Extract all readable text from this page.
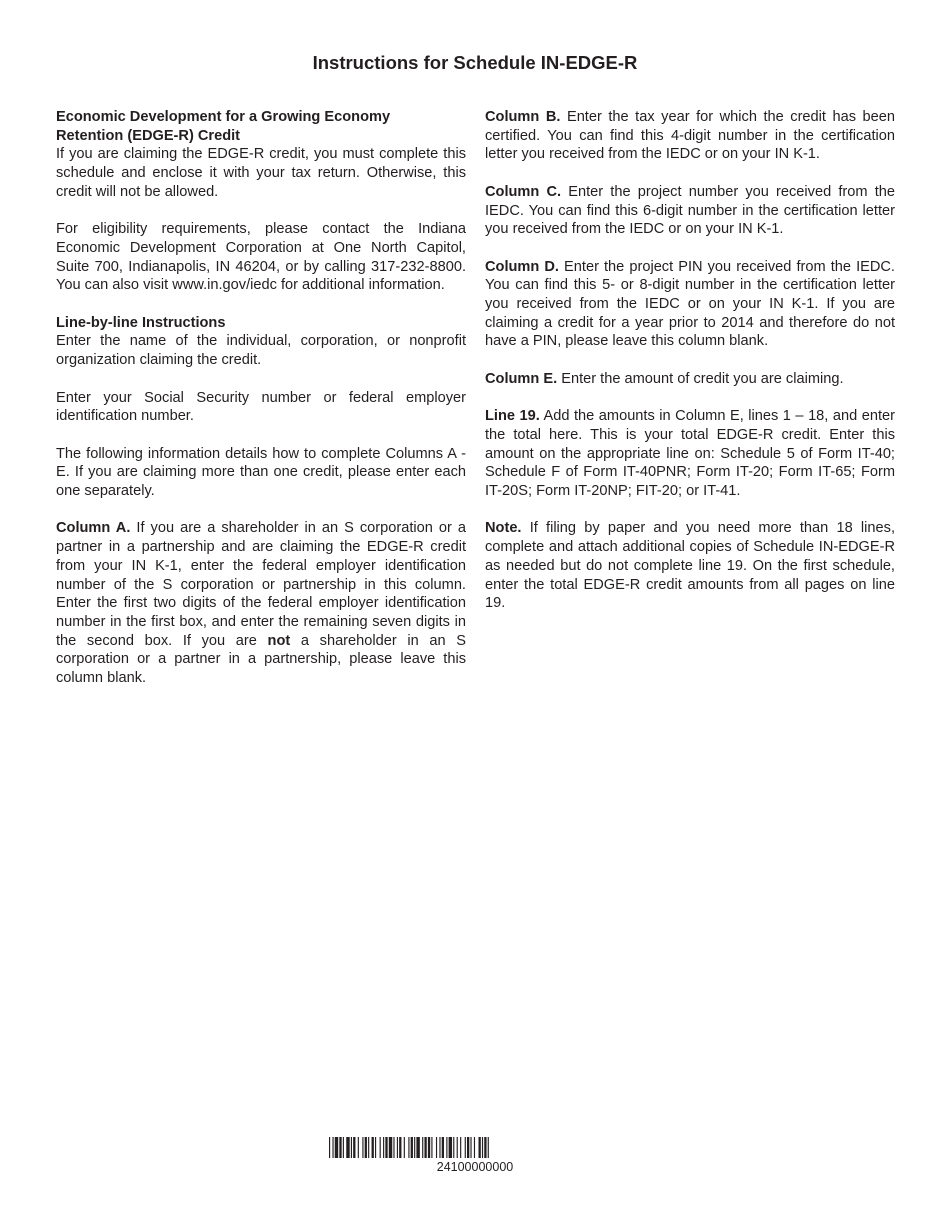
Instructions for Schedule IN-EDGE-R

Economic Development for a Growing Economy
Retention (EDGE-R) Credit

If you are claiming the EDGE-R credit, you must complete this schedule and enclose it with your tax return. Otherwise, this credit will not be allowed.

For eligibility requirements, please contact the Indiana Economic Development Corporation at One North Capitol, Suite 700, Indianapolis, IN 46204, or by calling 317-232-8800. You can also visit www.in.gov/iedc for additional information.

Line-by-line Instructions

Enter the name of the individual, corporation, or nonprofit organization claiming the credit.

Enter your Social Security number or federal employer identification number.

The following information details how to complete Columns A - E. If you are claiming more than one credit, please enter each one separately.

Column A. If you are a shareholder in an S corporation or a partner in a partnership and are claiming the EDGE-R credit from your IN K-1, enter the federal employer identification number of the S corporation or partnership in this column. Enter the first two digits of the federal employer identification number in the first box, and enter the remaining seven digits in the second box. If you are not a shareholder in an S corporation or a partner in a partnership, please leave this column blank.

Column B. Enter the tax year for which the credit has been certified. You can find this 4-digit number in the certification letter you received from the IEDC or on your IN K-1.

Column C. Enter the project number you received from the IEDC. You can find this 6-digit number in the certification letter you received from the IEDC or on your IN K-1.

Column D. Enter the project PIN you received from the IEDC. You can find this 5- or 8-digit number in the certification letter you received from the IEDC or on your IN K-1. If you are claiming a credit for a year prior to 2014 and therefore do not have a PIN, please leave this column blank.

Column E. Enter the amount of credit you are claiming.

Line 19. Add the amounts in Column E, lines 1 – 18, and enter the total here. This is your total EDGE-R credit. Enter this amount on the appropriate line on: Schedule 5 of Form IT-40; Schedule F of Form IT-40PNR; Form IT-20; Form IT-65; Form IT-20S; Form IT-20NP; FIT-20; or IT-41.

Note. If filing by paper and you need more than 18 lines, complete and attach additional copies of Schedule IN-EDGE-R as needed but do not complete line 19. On the first schedule, enter the total EDGE-R credit amounts from all pages on line 19.

24100000000
